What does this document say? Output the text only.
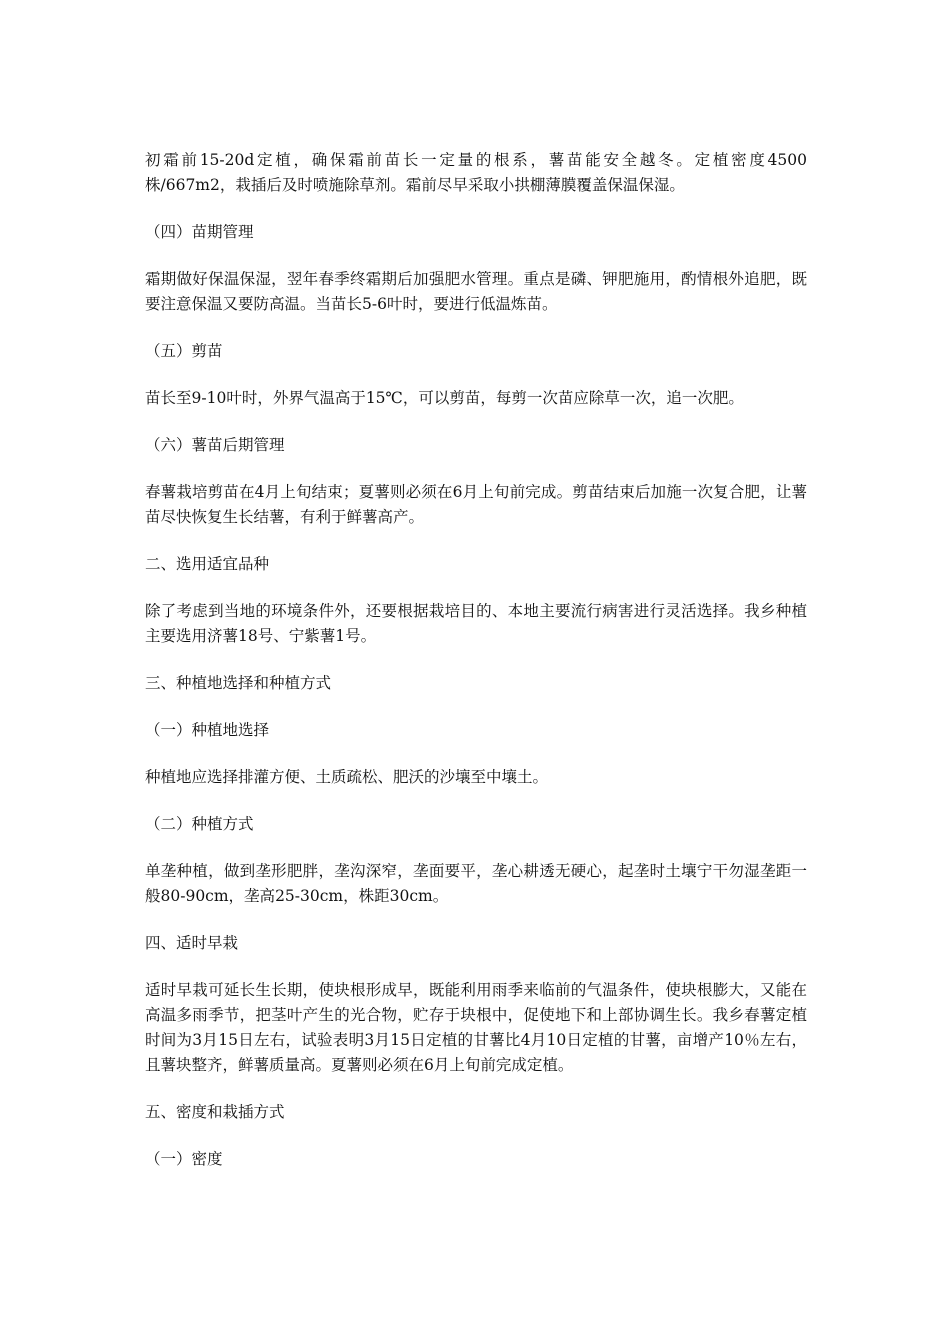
初霜前15-20d定植，确保霜前苗长一定量的根系，薯苗能安全越冬。定植密度4500株/667m2，栽插后及时喷施除草剂。霜前尽早采取小拱棚薄膜覆盖保温保湿。

（四）苗期管理

霜期做好保温保湿，翌年春季终霜期后加强肥水管理。重点是磷、钾肥施用，酌情根外追肥，既要注意保温又要防高温。当苗长5-6叶时，要进行低温炼苗。

（五）剪苗

苗长至9-10叶时，外界气温高于15℃，可以剪苗，每剪一次苗应除草一次，追一次肥。

（六）薯苗后期管理

春薯栽培剪苗在4月上旬结束；夏薯则必须在6月上旬前完成。剪苗结束后加施一次复合肥，让薯苗尽快恢复生长结薯，有利于鲜薯高产。

二、选用适宜品种

除了考虑到当地的环境条件外，还要根据栽培目的、本地主要流行病害进行灵活选择。我乡种植主要选用济薯18号、宁紫薯1号。

三、种植地选择和种植方式

（一）种植地选择

种植地应选择排灌方便、土质疏松、肥沃的沙壤至中壤土。

（二）种植方式

单垄种植，做到垄形肥胖，垄沟深窄，垄面要平，垄心耕透无硬心，起垄时土壤宁干勿湿垄距一般80-90cm，垄高25-30cm，株距30cm。

四、适时早栽

适时早栽可延长生长期，使块根形成早，既能利用雨季来临前的气温条件，使块根膨大，又能在高温多雨季节，把茎叶产生的光合物，贮存于块根中，促使地下和上部协调生长。我乡春薯定植时间为3月15日左右，试验表明3月15日定植的甘薯比4月10日定植的甘薯，亩增产10％左右，且薯块整齐，鲜薯质量高。夏薯则必须在6月上旬前完成定植。

五、密度和栽插方式

（一）密度
